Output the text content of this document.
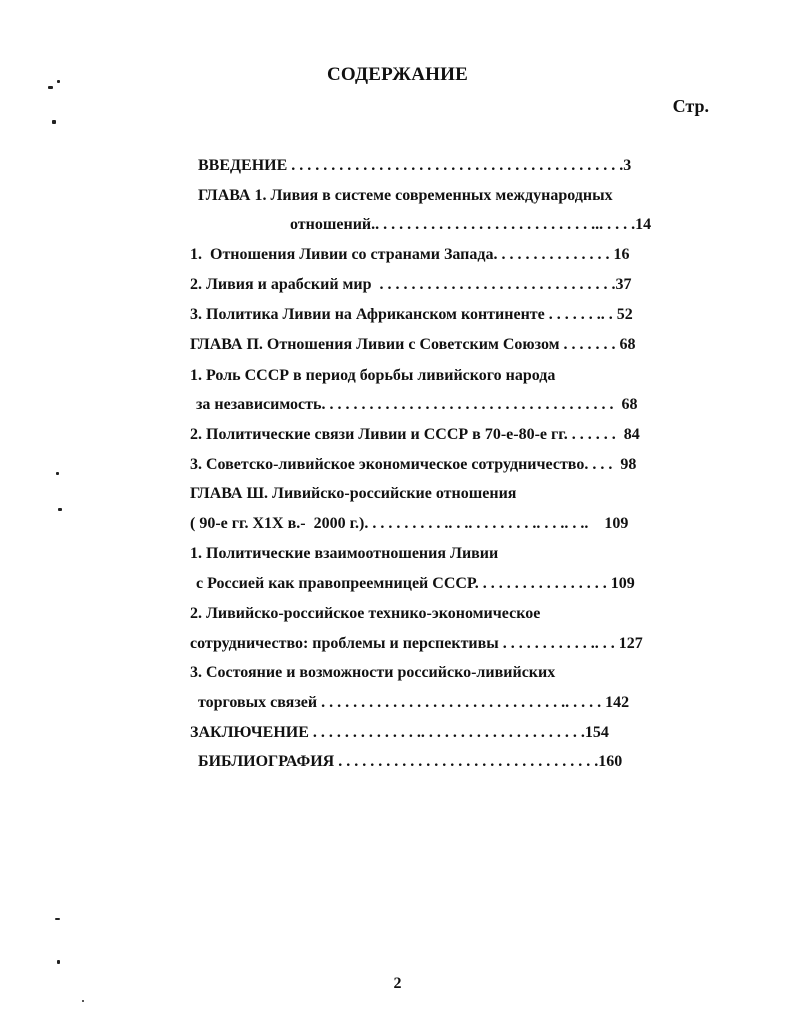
СОДЕРЖАНИЕ
Стр.
ВВЕДЕНИЕ . . . . . . . . . . . . . . . . . . . . . . . . . . . . . . . . . . . . . . . . . .3
ГЛАВА 1. Ливия в системе современных международных
отношений.. . . . . . . . . . . . . . . . . . . . . . . . . . . ... . . . .14
1.  Отношения Ливии со странами Запада. . . . . . . . . . . . . . . 16
2. Ливия и арабский мир  . . . . . . . . . . . . . . . . . . . . . . . . . . . . . .37
3. Политика Ливии на Африканском континенте . . . . . . .. . 52
ГЛАВА П. Отношения Ливии с Советским Союзом . . . . . . . 68
1. Роль СССР в период борьбы ливийского народа
за независимость. . . . . . . . . . . . . . . . . . . . . . . . . . . . . . . . . . . . .  68
2. Политические связи Ливии и СССР в 70-е-80-е гг. . . . . . .  84
3. Советско-ливийское экономическое сотрудничество. . . .  98
ГЛАВА Ш. Ливийско-российские отношения
( 90-е гг. Х1Х в.-  2000 г.). . . . . . . . . . .. . .. . . . . . . . .. . . .. . ..    109
1. Политические взаимоотношения Ливии
с Россией как правопреемницей СССР. . . . . . . . . . . . . . . . . 109
2. Ливийско-российское технико-экономическое
сотрудничество: проблемы и перспективы . . . . . . . . . . . .. . . 127
3. Состояние и возможности российско-ливийских
торговых связей . . . . . . . . . . . . . . . . . . . . . . . . . . . . . . .. . . . . 142
ЗАКЛЮЧЕНИЕ . . . . . . . . . . . . . .. . . . . . . . . . . . . . . . . . . . .154
БИБЛИОГРАФИЯ . . . . . . . . . . . . . . . . . . . . . . . . . . . . . . . . .160
2
